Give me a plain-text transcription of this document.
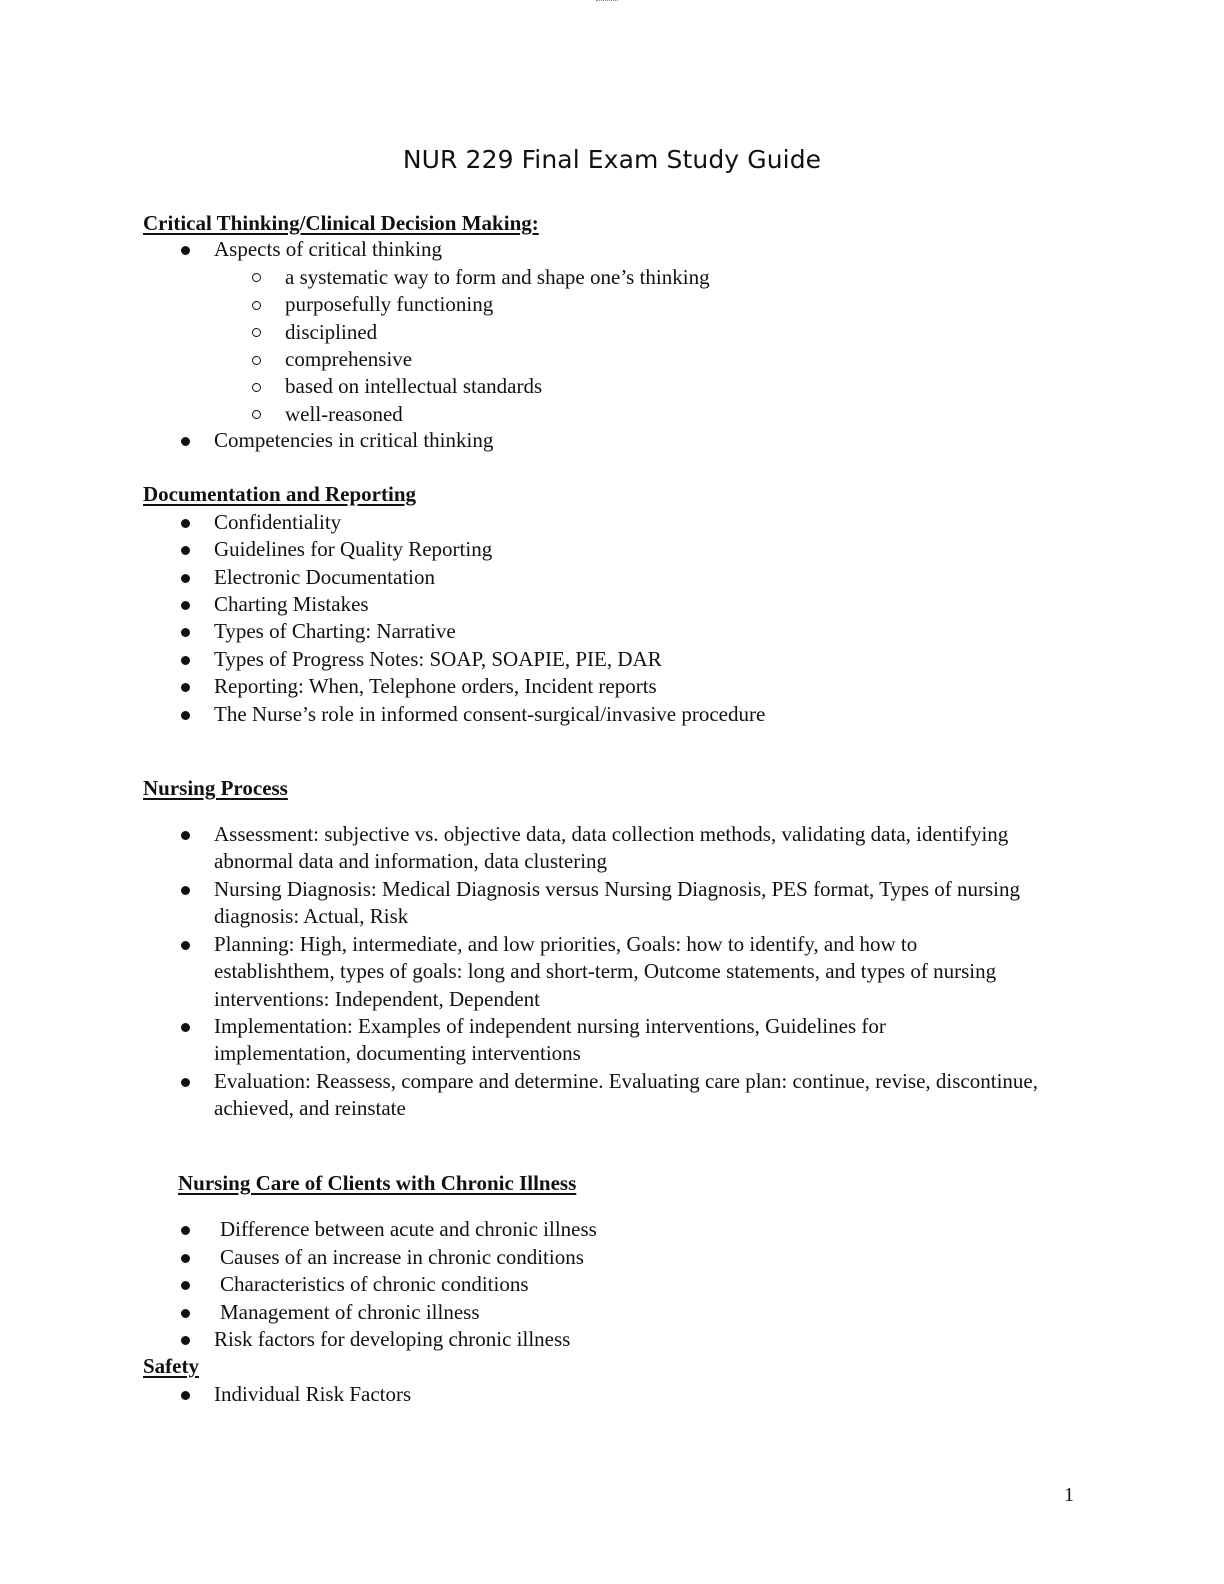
NUR 229 Final Exam Study Guide
Critical Thinking/Clinical Decision Making:
Aspects of critical thinking
a systematic way to form and shape one’s thinking
purposefully functioning
disciplined
comprehensive
based on intellectual standards
well-reasoned
Competencies in critical thinking
Documentation and Reporting
Confidentiality
Guidelines for Quality Reporting
Electronic Documentation
Charting Mistakes
Types of Charting: Narrative
Types of Progress Notes: SOAP, SOAPIE, PIE, DAR
Reporting: When, Telephone orders, Incident reports
The Nurse’s role in informed consent-surgical/invasive procedure
Nursing Process
Assessment: subjective vs. objective data, data collection methods, validating data, identifying abnormal data and information, data clustering
Nursing Diagnosis: Medical Diagnosis versus Nursing Diagnosis, PES format, Types of nursing diagnosis: Actual, Risk
Planning: High, intermediate, and low priorities, Goals: how to identify, and how to establishthem, types of goals: long and short-term, Outcome statements, and types of nursing interventions: Independent, Dependent
Implementation: Examples of independent nursing interventions, Guidelines for implementation, documenting interventions
Evaluation: Reassess, compare and determine. Evaluating care plan: continue, revise, discontinue, achieved, and reinstate
Nursing Care of Clients with Chronic Illness
Difference between acute and chronic illness
Causes of an increase in chronic conditions
Characteristics of chronic conditions
Management of chronic illness
Risk factors for developing chronic illness
Safety
Individual Risk Factors
1
